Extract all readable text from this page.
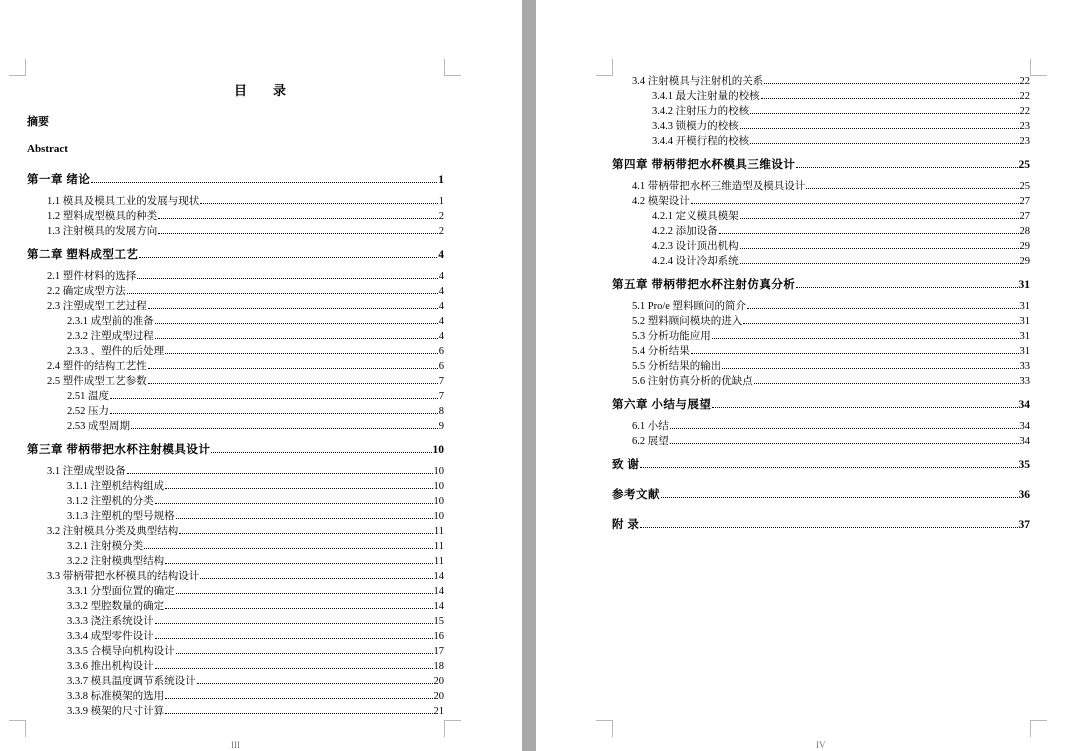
目 录
摘要
Abstract
第一章 绪论	1
1.1 模具及模具工业的发展与现状	1
1.2 塑料成型模具的种类	2
1.3 注射模具的发展方向	2
第二章 塑料成型工艺	4
2.1 塑件材料的选择	4
2.2 确定成型方法	4
2.3 注塑成型工艺过程	4
2.3.1 成型前的准备	4
2.3.2 注塑成型过程	4
2.3.3 、塑件的后处理	6
2.4 塑件的结构工艺性	6
2.5 塑件成型工艺参数	7
2.51 温度	7
2.52 压力	8
2.53 成型周期	9
第三章 带柄带把水杯注射模具设计	10
3.1 注塑成型设备	10
3.1.1 注塑机结构组成	10
3.1.2 注塑机的分类	10
3.1.3 注塑机的型号规格	10
3.2 注射模具分类及典型结构	11
3.2.1 注射模分类	11
3.2.2 注射模典型结构	11
3.3 带柄带把水杯模具的结构设计	14
3.3.1 分型面位置的确定	14
3.3.2 型腔数量的确定	14
3.3.3 浇注系统设计	15
3.3.4 成型零件设计	16
3.3.5 合模导向机构设计	17
3.3.6 推出机构设计	18
3.3.7 模具温度调节系统设计	20
3.3.8 标准模架的选用	20
3.3.9 模架的尺寸计算	21
III
3.4 注射模具与注射机的关系	22
3.4.1 最大注射量的校核	22
3.4.2 注射压力的校核	22
3.4.3 锁模力的校核	23
3.4.4 开模行程的校核	23
第四章 带柄带把水杯模具三维设计	25
4.1 带柄带把水杯三维造型及模具设计	25
4.2 模架设计	27
4.2.1 定义模具模架	27
4.2.2 添加设备	28
4.2.3 设计顶出机构	29
4.2.4 设计冷却系统	29
第五章 带柄带把水杯注射仿真分析	31
5.1 Pro/e 塑料顾问的简介	31
5.2 塑料顾问模块的进入	31
5.3 分析功能应用	31
5.4 分析结果	31
5.5 分析结果的输出	33
5.6 注射仿真分析的优缺点	33
第六章 小结与展望	34
6.1 小结	34
6.2 展望	34
致 谢	35
参考文献	36
附 录	37
IV
